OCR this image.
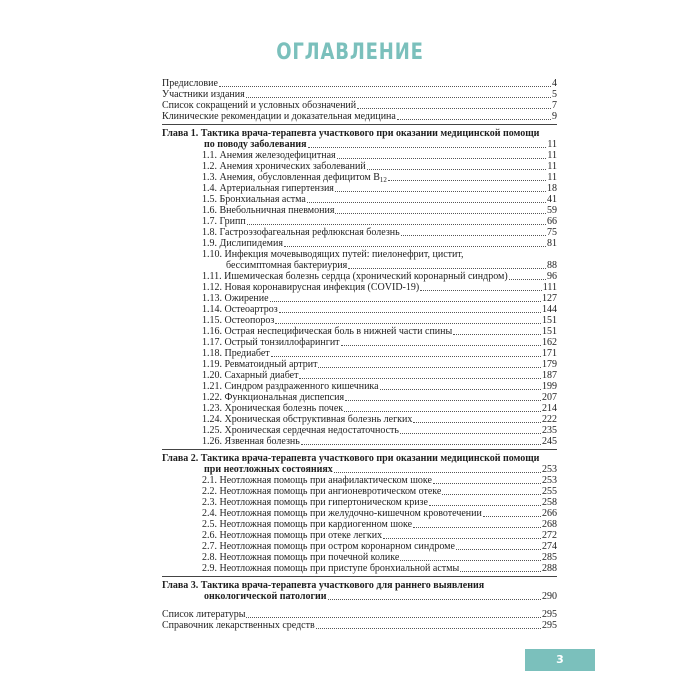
ОГЛАВЛЕНИЕ
Предисловие	4
Участники издания	5
Список сокращений и условных обозначений	7
Клинические рекомендации и доказательная медицина	9
Глава 1. Тактика врача-терапевта участкового при оказании медицинской помощи
по поводу заболевания	11
1.1. Анемия железодефицитная	11
1.2. Анемия хронических заболеваний	11
1.3. Анемия, обусловленная дефицитом $B_{12}$	11
1.4. Артериальная гипертензия	18
1.5. Бронхиальная астма	41
1.6. Внебольничная пневмония	59
1.7. Грипп	66
1.8. Гастроэзофагеальная рефлюксная болезнь	75
1.9. Дислипидемия	81
1.10. Инфекция мочевыводящих путей: пиелонефрит, цистит,
бессимптомная бактериурия	88
1.11. Ишемическая болезнь сердца (хронический коронарный синдром)	96
1.12. Новая коронавирусная инфекция (COVID-19)	111
1.13. Ожирение	127
1.14. Остеоартроз	144
1.15. Остеопороз	151
1.16. Острая неспецифическая боль в нижней части спины	151
1.17. Острый тонзиллофарингит	162
1.18. Предиабет	171
1.19. Ревматоидный артрит	179
1.20. Сахарный диабет	187
1.21. Синдром раздраженного кишечника	199
1.22. Функциональная диспепсия	207
1.23. Хроническая болезнь почек	214
1.24. Хроническая обструктивная болезнь легких	222
1.25. Хроническая сердечная недостаточность	235
1.26. Язвенная болезнь	245
Глава 2. Тактика врача-терапевта участкового при оказании медицинской помощи
при неотложных состояниях	253
2.1. Неотложная помощь при анафилактическом шоке	253
2.2. Неотложная помощь при ангионевротическом отеке	255
2.3. Неотложная помощь при гипертоническом кризе	258
2.4. Неотложная помощь при желудочно-кишечном кровотечении	266
2.5. Неотложная помощь при кардиогенном шоке	268
2.6. Неотложная помощь при отеке легких	272
2.7. Неотложная помощь при остром коронарном синдроме	274
2.8. Неотложная помощь при почечной колике	285
2.9. Неотложная помощь при приступе бронхиальной астмы	288
Глава 3. Тактика врача-терапевта участкового для раннего выявления
онкологической патологии	290
Список литературы	295
Справочник лекарственных средств	295
3
